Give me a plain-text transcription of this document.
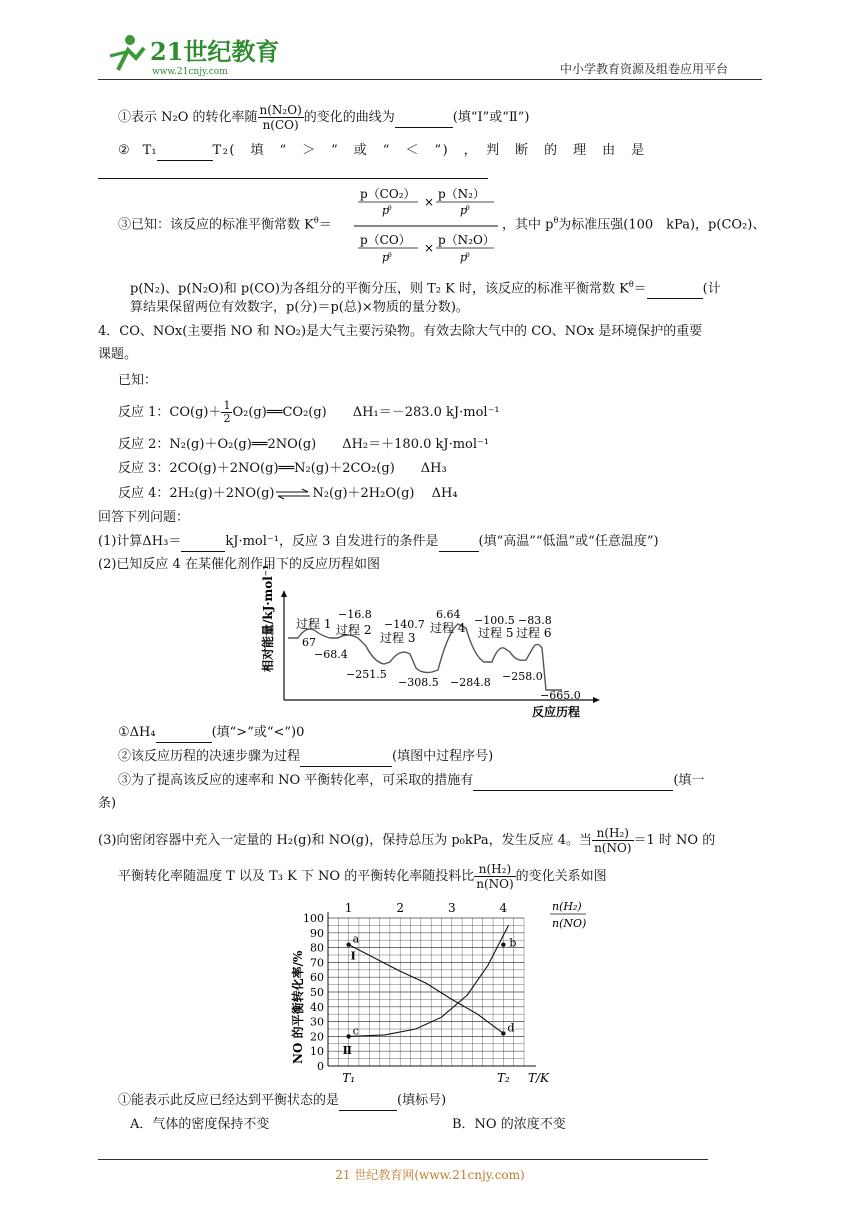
21世纪教育
www.21cnjy.com	中小学教育资源及组卷应用平台
①表示 N₂O 的转化率随 $\frac{\text{n(N₂O)}}{n(CO)}$ 的变化的曲线为	(填“Ⅰ”或“Ⅱ”)
②　T₁	T₂(　填　“　＞　”　或　“　＜　”)　，　判　断　的　理　由　是
③已知：该反应的标准平衡常数 $K^\theta=$
p（CO₂）
p
θ	×
p（N₂）
p
θ
p（CO）
p
θ
×
p（N₂O）
p
θ
，其中 $p^\theta$为标准压强(100　kPa)，p(CO₂)、
p(N₂)、p(N₂O)和 p(CO)为各组分的平衡分压，则 T₂ K 时，该反应的标准平衡常数 $K^\theta=$	(计
算结果保留两位有效数字，p(分)＝p(总)×物质的量分数)。
4．CO、NOx(主要指 NO 和 NO₂)是大气主要污染物。有效去除大气中的 CO、NOx 是环境保护的重要
课题。
已知：
反应 1：$CO(g)+ \frac{1}{2}$ O₂(g)══CO₂(g)　　ΔH₁＝－283.0 kJ·mol⁻¹
反应 2：N₂(g)＋O₂(g)══2NO(g)　　ΔH₂＝＋180.0 kJ·mol⁻¹
反应 3：2CO(g)＋2NO(g)══N₂(g)＋2CO₂(g)　　ΔH₃
反应 4：2H₂(g)＋2NO(g)⇌N₂(g)＋2H₂O(g)　 ΔH₄
回答下列问题：
(1)计算ΔH₃＝	kJ·mol⁻¹，反应 3 自发进行的条件是	(填“高温”“低温”或“任意温度”)
(2)已知反应 4 在某催化剂作用下的反应历程如图
相对能量/kJ·mol⁻¹
反应历程
过程 1 过程 2
过程 3
过程 4 过程 5 过程 6
67
−68.4
−16.8
−251.5
−140.7
−308.5
6.64
−284.8
−100.5
−258.0
−83.8
−665.0
①ΔH₄	(填“>”或“<”)0
②该反应历程的决速步骤为过程	(填图中过程序号)
③为了提高该反应的速率和 NO 平衡转化率，可采取的措施有	(填一
条)
(3)向密闭容器中充入一定量的 H₂(g)和 NO(g)，保持总压为 p₀kPa，发生反应 4。当 $\frac{\text{n(H₂)}}{n(NO)} =1$ 时 NO 的
平衡转化率随温度 T 以及 T₃ K 下 NO 的平衡转化率随投料比 $\frac{\text{n(H₂)}}{n(NO)}$ 的变化关系如图
100
90
80
70
60
50
40
30
20
10
0
NO 的平衡转化率/%
1	2	3	4	n(H₂)
n(NO)
T₁	T₂ T/K
a	b
c	d
Ⅰ
Ⅱ
①能表示此反应已经达到平衡状态的是	(填标号)
A．气体的密度保持不变	B．NO 的浓度不变
21 世纪教育网(www.21cnjy.com)
